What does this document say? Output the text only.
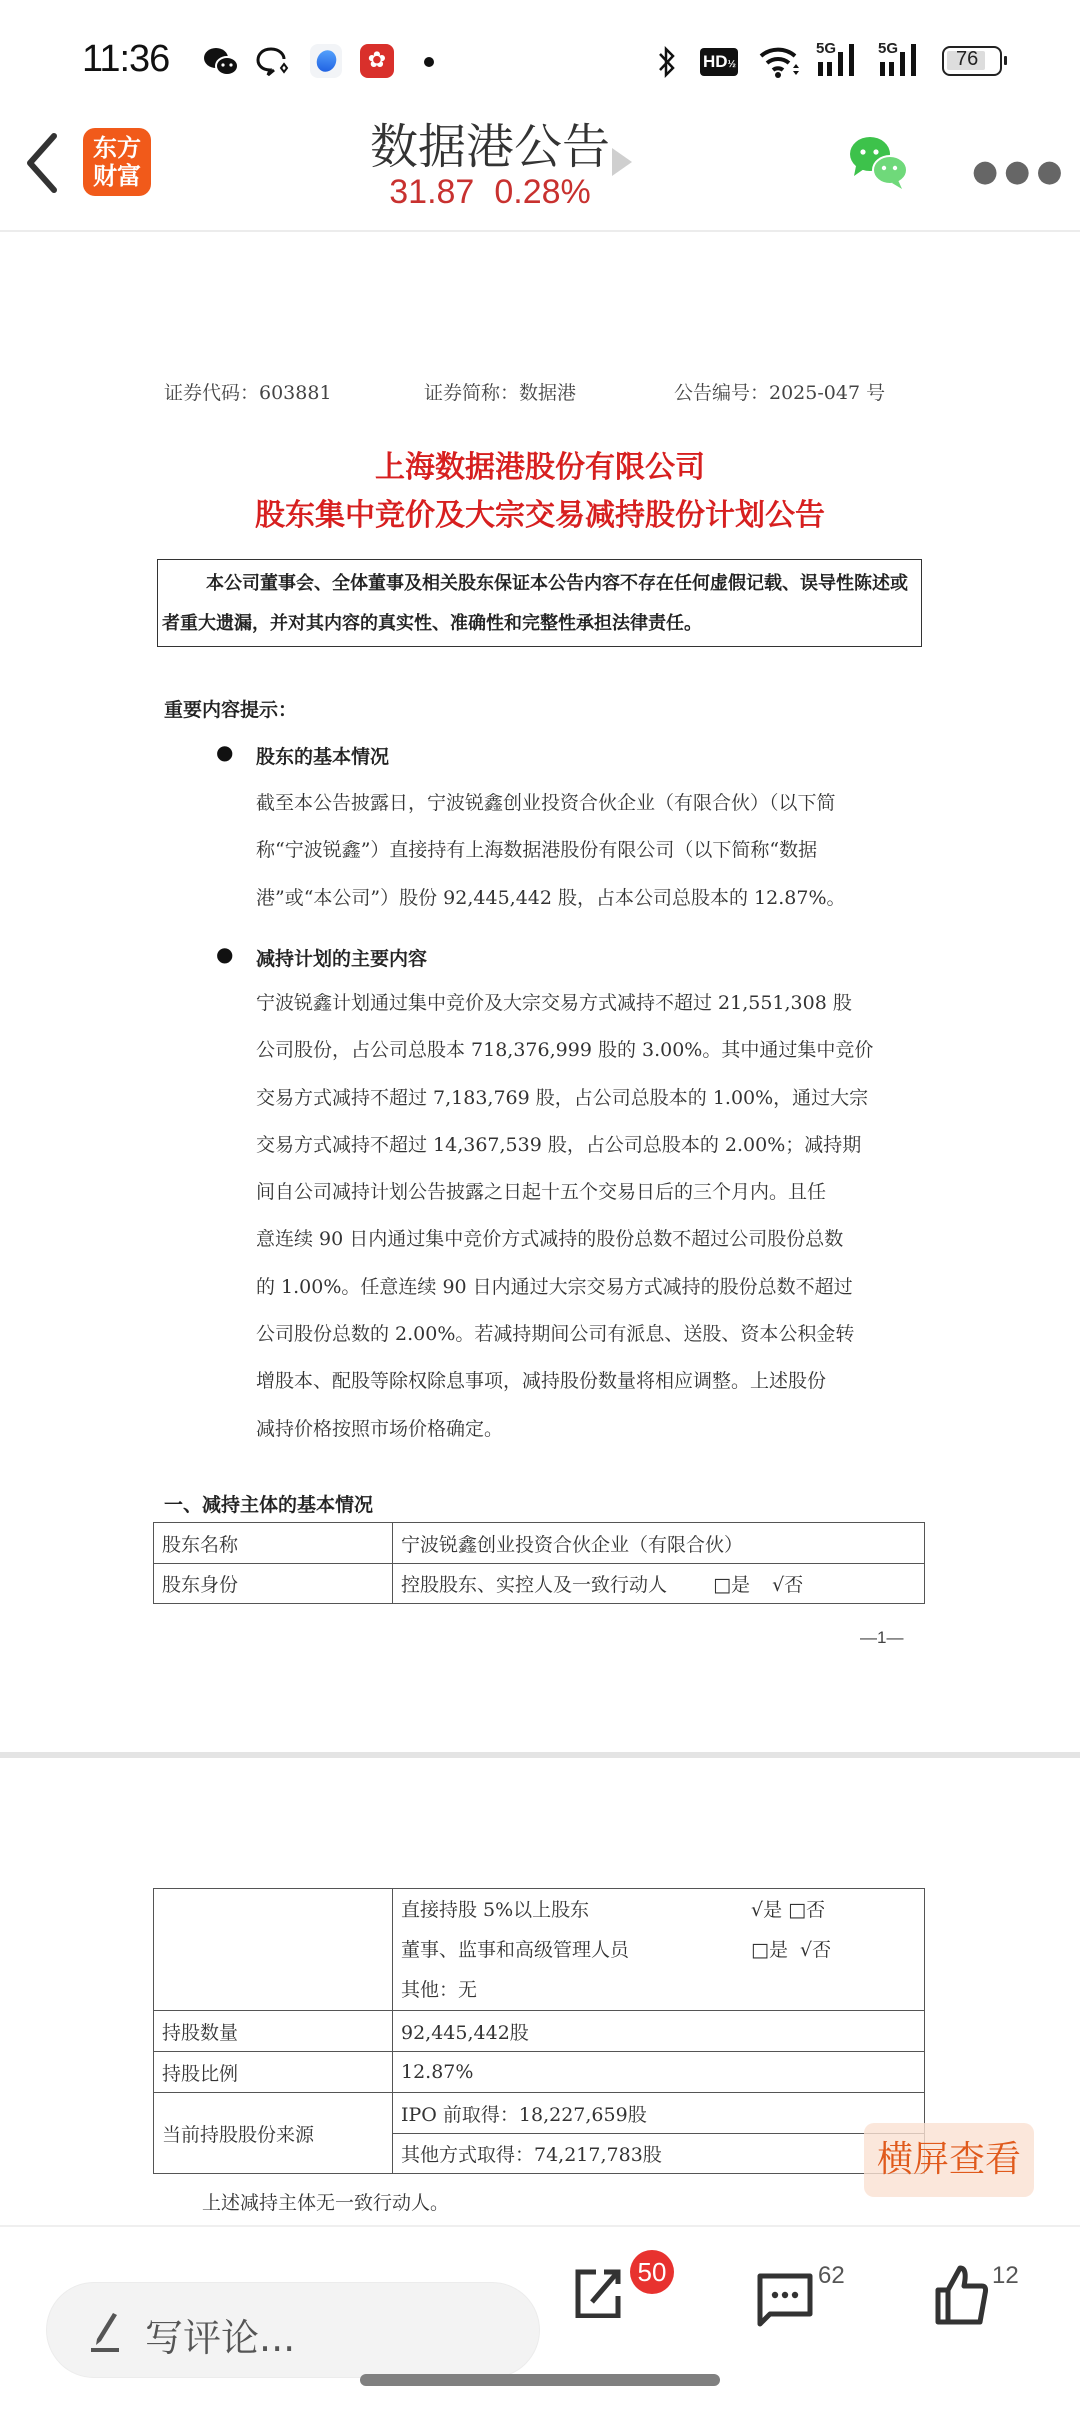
11:36	✿	HD½
5G	5G	76
东方
财富
数据港公告
31.87 0.28%
●●●
证券代码：603881	证券简称：数据港	公告编号：2025-047 号
上海数据港股份有限公司
股东集中竞价及大宗交易减持股份计划公告
本公司董事会、全体董事及相关股东保证本公告内容不存在任何虚假记载、误导性陈述或者重大遗漏，并对其内容的真实性、准确性和完整性承担法律责任。
重要内容提示：
● 股东的基本情况
截至本公告披露日，宁波锐鑫创业投资合伙企业（有限合伙）（以下简
称“宁波锐鑫”）直接持有上海数据港股份有限公司（以下简称“数据
港”或“本公司”）股份 92,445,442 股，占本公司总股本的 12.87%。
● 减持计划的主要内容
宁波锐鑫计划通过集中竞价及大宗交易方式减持不超过 21,551,308 股
公司股份，占公司总股本 718,376,999 股的 3.00%。其中通过集中竞价
交易方式减持不超过 7,183,769 股，占公司总股本的 1.00%，通过大宗
交易方式减持不超过 14,367,539 股，占公司总股本的 2.00%；减持期
间自公司减持计划公告披露之日起十五个交易日后的三个月内。且任
意连续 90 日内通过集中竞价方式减持的股份总数不超过公司股份总数
的 1.00%。任意连续 90 日内通过大宗交易方式减持的股份总数不超过
公司股份总数的 2.00%。若减持期间公司有派息、送股、资本公积金转
增股本、配股等除权除息事项，减持股份数量将相应调整。上述股份
减持价格按照市场价格确定。
一、减持主体的基本情况
股东名称	宁波锐鑫创业投资合伙企业（有限合伙）
股东身份	控股股东、实控人及一致行动人 □是 √否
—1—

	直接持股 5%以上股东 √是 □否
董事、监事和高级管理人员 □是 √否
其他：无

持股数量	92,445,442股
持股比例	12.87%
当前持股股份来源	IPO 前取得：18,227,659股
	其他方式取得：74,217,783股
上述减持主体无一致行动人。
横屏查看
写评论...
50	62	12
